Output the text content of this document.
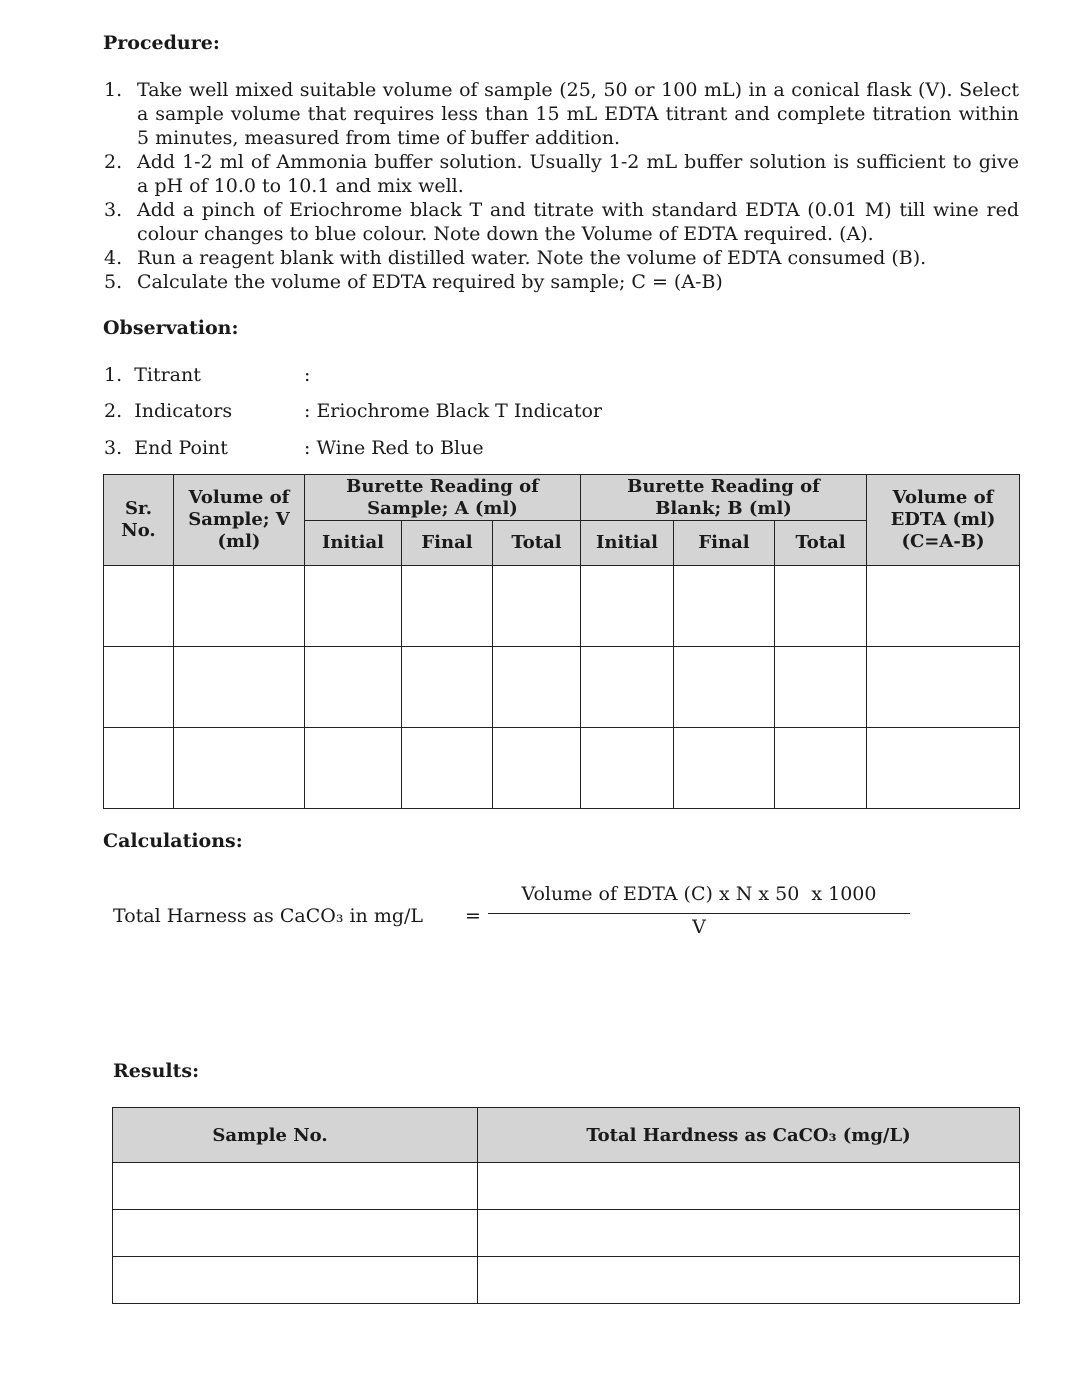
Procedure:
1. Take well mixed suitable volume of sample (25, 50 or 100 mL) in a conical flask (V). Select a sample volume that requires less than 15 mL EDTA titrant and complete titration within 5 minutes, measured from time of buffer addition.
2. Add 1-2 ml of Ammonia buffer solution. Usually 1-2 mL buffer solution is sufficient to give a pH of 10.0 to 10.1 and mix well.
3. Add a pinch of Eriochrome black T and titrate with standard EDTA (0.01 M) till wine red colour changes to blue colour. Note down the Volume of EDTA required. (A).
4. Run a reagent blank with distilled water. Note the volume of EDTA consumed (B).
5. Calculate the volume of EDTA required by sample; C = (A-B)
Observation:
1.  Titrant	:
2.  Indicators	: Eriochrome Black T Indicator
3.  End Point	: Wine Red to Blue
Sr. No.	Volume of Sample; V (ml)	Burette Reading of Sample; A (ml)			Burette Reading of Blank; B (ml)			Volume of EDTA (ml) (C=A-B)
		Initial	Final	Total	Initial	Final	Total	

Calculations:
Total Harness as CaCO₃ in mg/L =
Volume of EDTA (C) x N x 50  x 1000
V
Results:
Sample No.	Total Hardness as CaCO₃ (mg/L)
